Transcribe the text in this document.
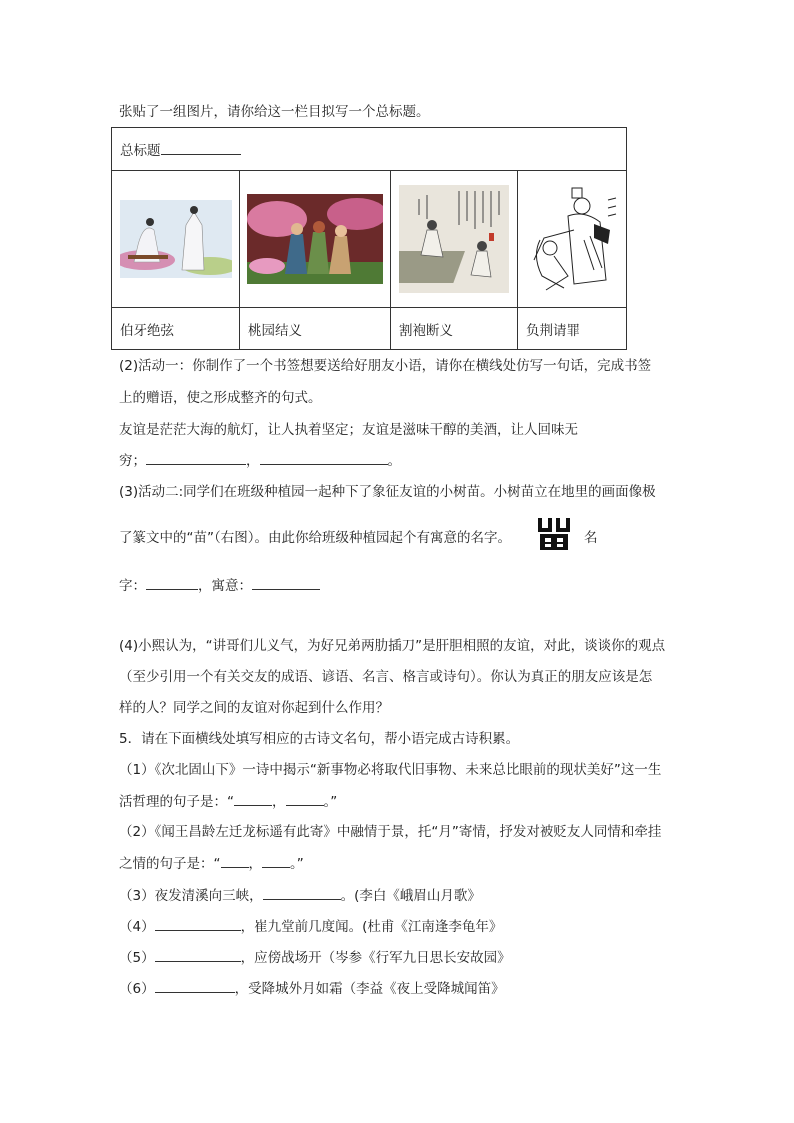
张贴了一组图片，请你给这一栏目拟写一个总标题。
总标题			

伯牙绝弦	桃园结义	割袍断义	负荆请罪
(2)活动一：你制作了一个书签想要送给好朋友小语，请你在横线处仿写一句话，完成书签
上的赠语，使之形成整齐的句式。
友谊是茫茫大海的航灯，让人执着坚定；友谊是滋味干醇的美酒，让人回味无
穷；	，	。
(3)活动二:同学们在班级种植园一起种下了象征友谊的小树苗。小树苗立在地里的画面像极
了篆文中的“苗”（右图）。由此你给班级种植园起个有寓意的名字。	名
字：	，寓意：
(4)小熙认为，“讲哥们儿义气，为好兄弟两肋插刀”是肝胆相照的友谊，对此，谈谈你的观点
（至少引用一个有关交友的成语、谚语、名言、格言或诗句）。你认为真正的朋友应该是怎
样的人？同学之间的友谊对你起到什么作用？
5．请在下面横线处填写相应的古诗文名句，帮小语完成古诗积累。
（1）《次北固山下》一诗中揭示“新事物必将取代旧事物、未来总比眼前的现状美好”这一生
活哲理的句子是：“	，	。”
（2）《闻王昌龄左迁龙标遥有此寄》中融情于景，托“月”寄情，抒发对被贬友人同情和牵挂
之情的句子是：“ ， 。”
（3）夜发清溪向三峡，	。(李白《峨眉山月歌》
（4）	，崔九堂前几度闻。(杜甫《江南逢李龟年》
（5）	，应傍战场开（岑参《行军九日思长安故园》
（6）	，受降城外月如霜（李益《夜上受降城闻笛》
